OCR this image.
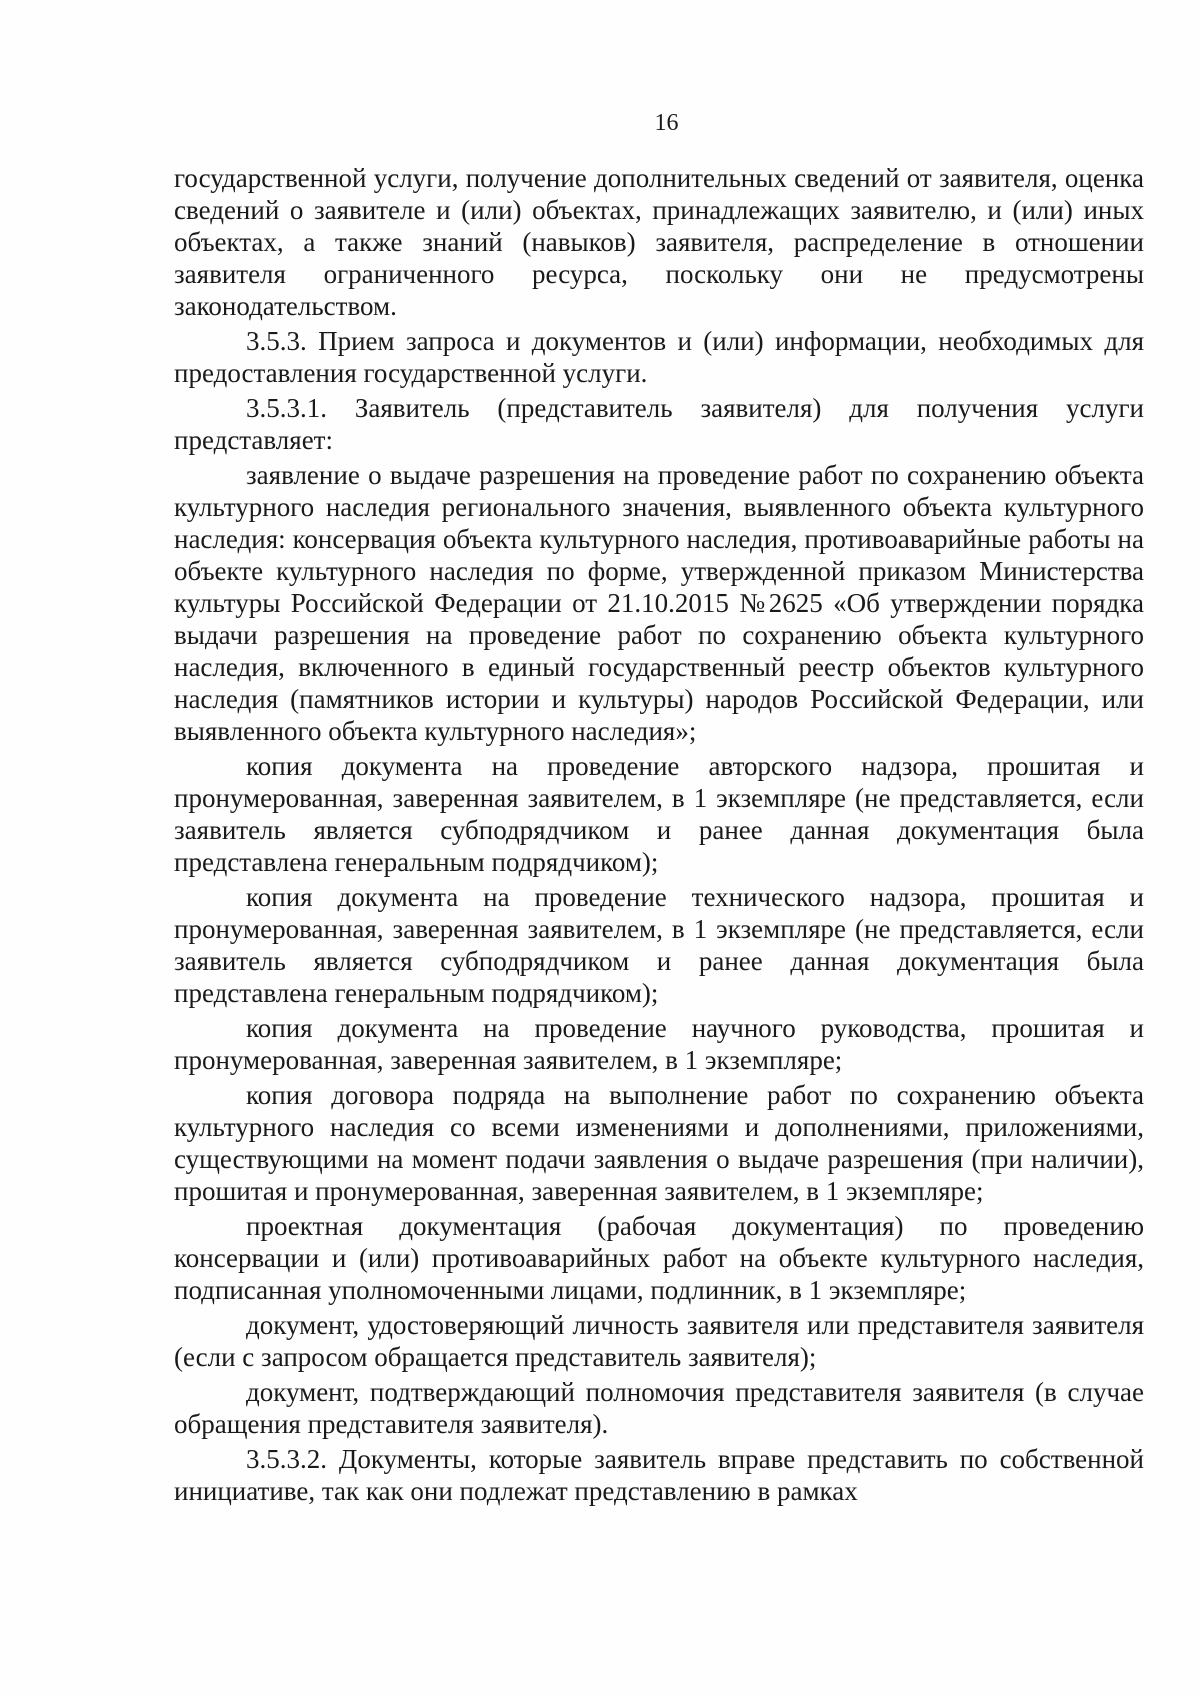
16

государственной услуги, получение дополнительных сведений от заявителя, оценка сведений о заявителе и (или) объектах, принадлежащих заявителю, и (или) иных объектах, а также знаний (навыков) заявителя, распределение в отношении заявителя ограниченного ресурса, поскольку они не предусмотрены законодательством.

3.5.3. Прием запроса и документов и (или) информации, необходимых для предоставления государственной услуги.

3.5.3.1. Заявитель (представитель заявителя) для получения услуги представляет:

заявление о выдаче разрешения на проведение работ по сохранению объекта культурного наследия регионального значения, выявленного объекта культурного наследия: консервация объекта культурного наследия, противоаварийные работы на объекте культурного наследия по форме, утвержденной приказом Министерства культуры Российской Федерации от 21.10.2015 №2625 «Об утверждении порядка выдачи разрешения на проведение работ по сохранению объекта культурного наследия, включенного в единый государственный реестр объектов культурного наследия (памятников истории и культуры) народов Российской Федерации, или выявленного объекта культурного наследия»;

копия документа на проведение авторского надзора, прошитая и пронумерованная, заверенная заявителем, в 1 экземпляре (не представляется, если заявитель является субподрядчиком и ранее данная документация была представлена генеральным подрядчиком);

копия документа на проведение технического надзора, прошитая и пронумерованная, заверенная заявителем, в 1 экземпляре (не представляется, если заявитель является субподрядчиком и ранее данная документация была представлена генеральным подрядчиком);

копия документа на проведение научного руководства, прошитая и пронумерованная, заверенная заявителем, в 1 экземпляре;

копия договора подряда на выполнение работ по сохранению объекта культурного наследия со всеми изменениями и дополнениями, приложениями, существующими на момент подачи заявления о выдаче разрешения (при наличии), прошитая и пронумерованная, заверенная заявителем, в 1 экземпляре;

проектная документация (рабочая документация) по проведению консервации и (или) противоаварийных работ на объекте культурного наследия, подписанная уполномоченными лицами, подлинник, в 1 экземпляре;

документ, удостоверяющий личность заявителя или представителя заявителя (если с запросом обращается представитель заявителя);

документ, подтверждающий полномочия представителя заявителя (в случае обращения представителя заявителя).

3.5.3.2. Документы, которые заявитель вправе представить по собственной инициативе, так как они подлежат представлению в рамках
